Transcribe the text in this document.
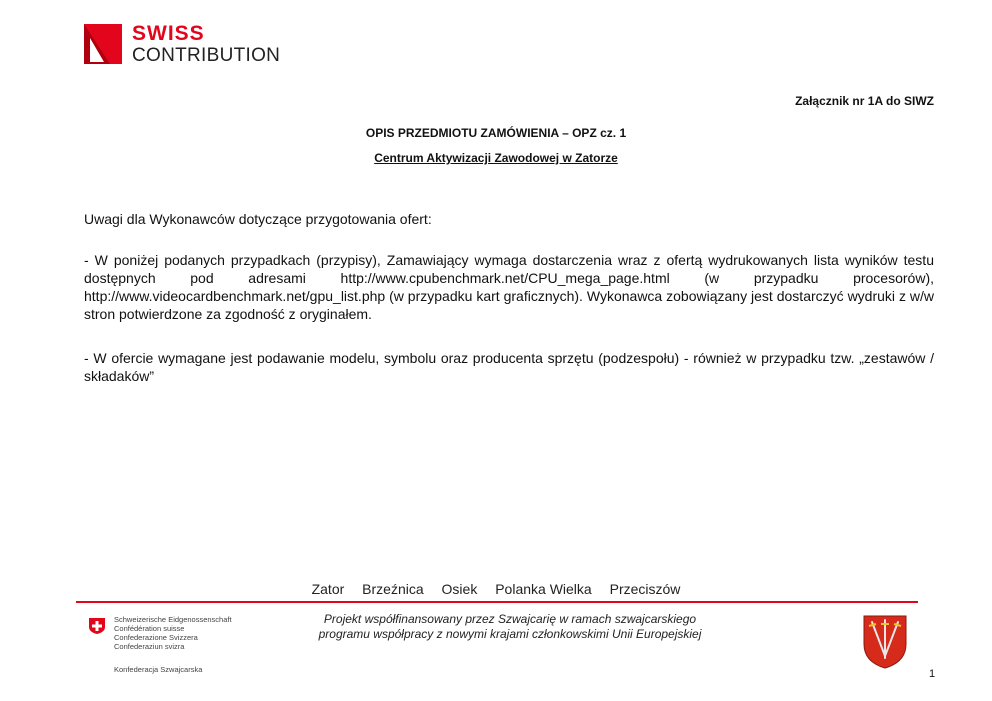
SWISS
CONTRIBUTION
Załącznik nr 1A do SIWZ
OPIS PRZEDMIOTU ZAMÓWIENIA – OPZ cz. 1
Centrum Aktywizacji Zawodowej w Zatorze
Uwagi dla Wykonawców dotyczące przygotowania ofert:

- W poniżej podanych przypadkach (przypisy), Zamawiający wymaga dostarczenia wraz z ofertą wydrukowanych lista wyników testu dostępnych pod adresami http://www.cpubenchmark.net/CPU_mega_page.html (w przypadku procesorów), http://www.videocardbenchmark.net/gpu_list.php (w przypadku kart graficznych). Wykonawca zobowiązany jest dostarczyć wydruki z w/w stron potwierdzone za zgodność z oryginałem.

- W ofercie wymagane jest podawanie modelu, symbolu oraz producenta sprzętu (podzespołu) - również w przypadku tzw. „zestawów / składaków”

Zator Brzeźnica Osiek Polanka Wielka Przeciszów
Schweizerische Eidgenossenschaft
Confédération suisse
Confederazione Svizzera
Confederaziun svizra
Konfederacja Szwajcarska
Projekt współfinansowany przez Szwajcarię w ramach szwajcarskiego
programu współpracy z nowymi krajami członkowskimi Unii Europejskiej
1
